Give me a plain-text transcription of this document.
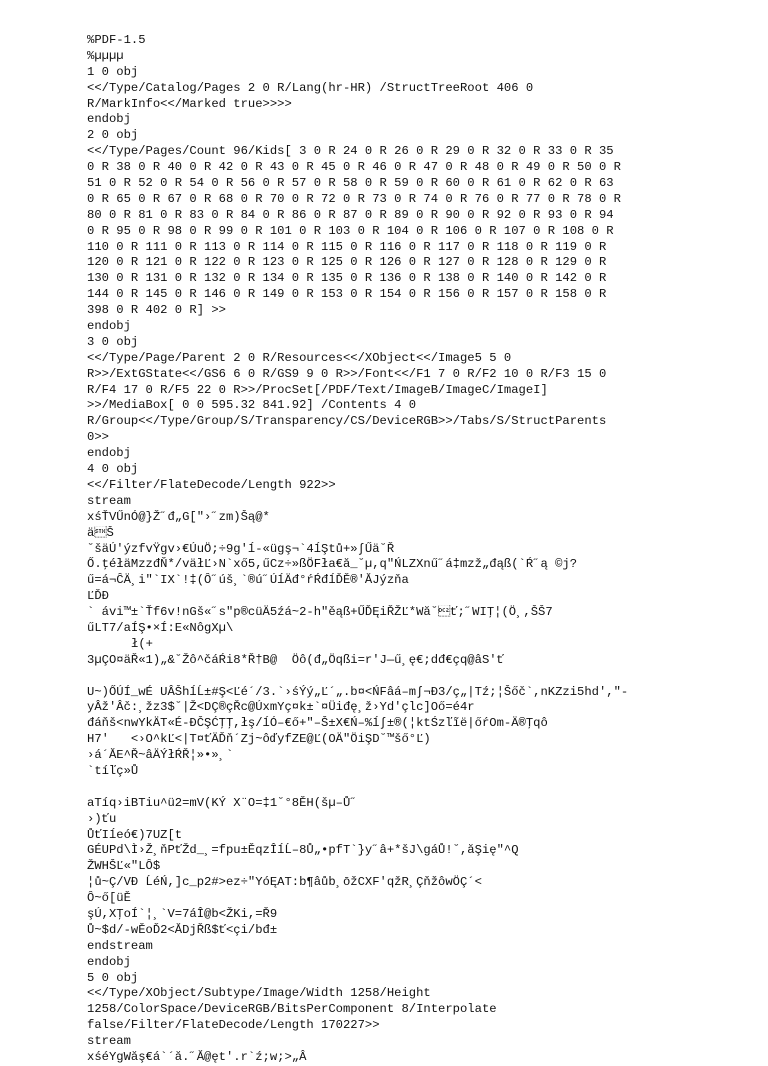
%PDF-1.5
%µµµµ
1 0 obj
<</Type/Catalog/Pages 2 0 R/Lang(hr-HR) /StructTreeRoot 406 0
R/MarkInfo<</Marked true>>>>
endobj
2 0 obj
<</Type/Pages/Count 96/Kids[ 3 0 R 24 0 R 26 0 R 29 0 R 32 0 R 33 0 R 35
0 R 38 0 R 40 0 R 42 0 R 43 0 R 45 0 R 46 0 R 47 0 R 48 0 R 49 0 R 50 0 R
51 0 R 52 0 R 54 0 R 56 0 R 57 0 R 58 0 R 59 0 R 60 0 R 61 0 R 62 0 R 63
0 R 65 0 R 67 0 R 68 0 R 70 0 R 72 0 R 73 0 R 74 0 R 76 0 R 77 0 R 78 0 R
80 0 R 81 0 R 83 0 R 84 0 R 86 0 R 87 0 R 89 0 R 90 0 R 92 0 R 93 0 R 94
0 R 95 0 R 98 0 R 99 0 R 101 0 R 103 0 R 104 0 R 106 0 R 107 0 R 108 0 R
110 0 R 111 0 R 113 0 R 114 0 R 115 0 R 116 0 R 117 0 R 118 0 R 119 0 R
120 0 R 121 0 R 122 0 R 123 0 R 125 0 R 126 0 R 127 0 R 128 0 R 129 0 R
130 0 R 131 0 R 132 0 R 134 0 R 135 0 R 136 0 R 138 0 R 140 0 R 142 0 R
144 0 R 145 0 R 146 0 R 149 0 R 153 0 R 154 0 R 156 0 R 157 0 R 158 0 R
398 0 R 402 0 R] >>
endobj
3 0 obj
<</Type/Page/Parent 2 0 R/Resources<</XObject<</Image5 5 0
R>>/ExtGState<</GS6 6 0 R/GS9 9 0 R>>/Font<</F1 7 0 R/F2 10 0 R/F3 15 0
R/F4 17 0 R/F5 22 0 R>>/ProcSet[/PDF/Text/ImageB/ImageC/ImageI]
>>/MediaBox[ 0 0 595.32 841.92] /Contents 4 0
R/Group<</Type/Group/S/Transparency/CS/DeviceRGB>>/Tabs/S/StructParents
0>>
endobj
4 0 obj
<</Filter/FlateDecode/Length 922>>
stream
xśŤVŰnÓ@}Ž˝đ„G["›˝zm)Šą@*
äŠ
˘šäÚ'ýzfvŸgv›€ÚuÖ;÷9g'ĺ-«ügş¬`4ĺŞtů+»∫Űä˘Ř
Ő.ţéłäMzzđŇ*/väłĽ›N`xő5,űCz÷»ßÖFła€ă_˘µ,q"ŃLZXnű˝á‡mzž„đąß(`Ŕ˝ą ©j?
ű=á¬ĈÄ¸i"`IX`!‡(Ô˝úš¸`®ú˝ÚĺÄđ°ŕŔđĺĎĚ®'ĂJýzňa
ĽĎĐ
` ávi™±`Ťf6v!nGš«˝s"p®cüÄ5źá~2-h"ěąß+ŰĎĘiŘŽĽ*Wă˘ť;˝WIŢ¦(Ö¸,ŠŠ7
űLT7/aÍŞ•×Í:E«NôgXµ\
ł(+
3µÇO¤äŘ«1)„&˘Žô^čáŔi8*Ř†B@  Öô(đ„Öqßi=r'J—ű¸ę€;dđ€çq@âS'ť
U~)ŐÚÍ_wÉ UÂŠhĺĹ±#Ş<Ľé´/3.`›śÝý„Ľ´„.b¤<ŃFâá–m∫¬Đ3/ç„|Tź;¦Šőč`,nKZzi5hd',"-
yÂž'Âč:¸žz3$˘|Ž<DÇ®çŘc@ÚxmYç¤k±`¤Üiđę¸ž›Yd'çlc]Oő=é4r
đáňš<nwYkÄT«É-ĐČŞĆŢŢ,łş/ĺÓ–€ő+"–Š±X€Ń–%ĺ∫±®(¦ktŚzľĩë|őŕOm-Ä®Ţqô
H7'   <›O^kĽ<|T¤ťÄĎň´Zj~ôďyfZE@Ľ(OÄ"ÖiŞD˘™šő°Ľ)
›á´ĂE^Ř~âÄÝłŔŘ¦»•»¸`
`tíľç»Ů
aTíq›iBTiu^ü2=mV(KÝ X¨O=‡1˘°8ĚH(šµ–Ů˝
›)ťu
ŮťIĺeó€)7UZ[t
GÉUPd\Ì›Ž¸ňPťŽd_¸=fpu±ĚqzÎĺĹ–8Ů„•pfT`}y˝â+*šJ\gáŮ!˘,ăŞię"^Q
ŽWHŠĽ«"LÔ$
¦ů~Ç/VĐ ĹéŃ,]c_p2#>ez÷"YóĘAT:b¶âůb¸ōžCXF'qžR¸ÇňžôwÖÇ´<
Ô~ő[üĚ
şÚ,XŢoÍ`¦¸`V=7áÎ@b<ŽKi,=Ř9
Ů~$d/-wĚoĎ2<ĂDjŘß$ť<çi/bđ±
endstream
endobj
5 0 obj
<</Type/XObject/Subtype/Image/Width 1258/Height
1258/ColorSpace/DeviceRGB/BitsPerComponent 8/Interpolate
false/Filter/FlateDecode/Length 170227>>
stream
xśéYgWăş€á`´ă.˝Ă@ęt'.r`ź;w;>„Â
